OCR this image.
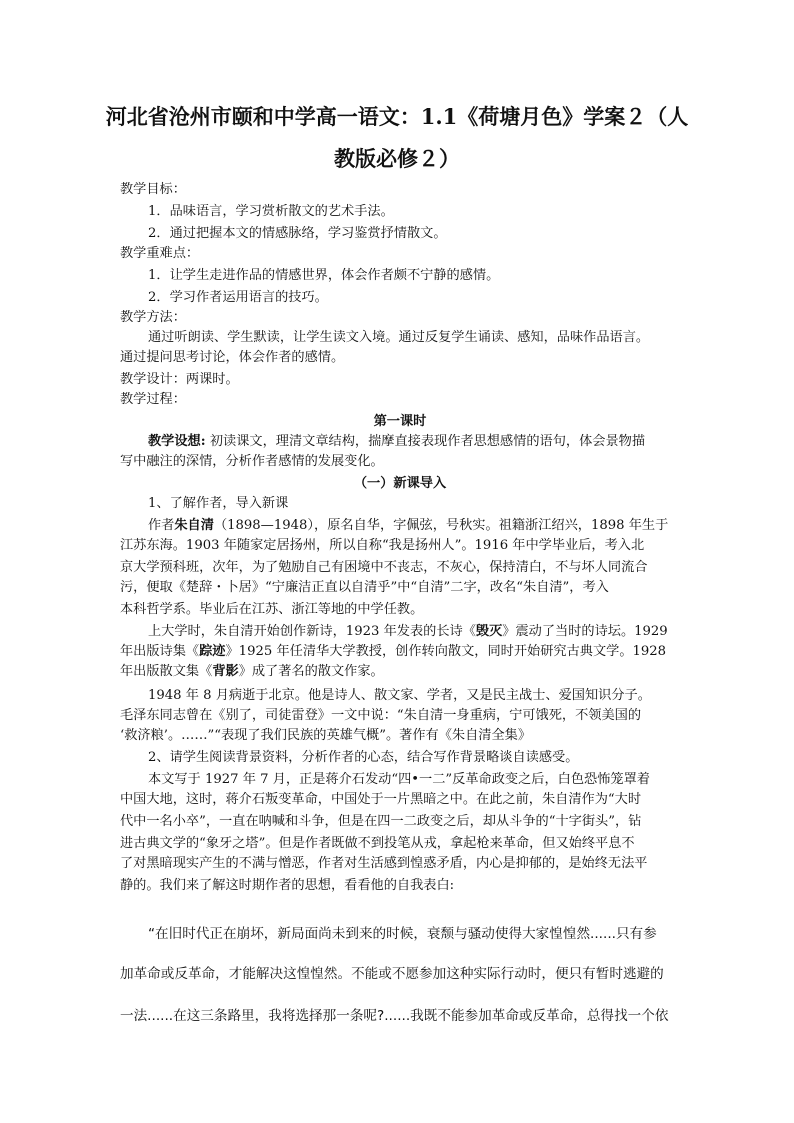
河北省沧州市颐和中学高一语文：1.1《荷塘月色》学案２（人
教版必修２）
教学目标：
1．品味语言，学习赏析散文的艺术手法。
2．通过把握本文的情感脉络，学习鉴赏抒情散文。
教学重难点：
1．让学生走进作品的情感世界，体会作者颇不宁静的感情。
2．学习作者运用语言的技巧。
教学方法：
通过听朗读、学生默读，让学生读文入境。通过反复学生诵读、感知，品味作品语言。
通过提问思考讨论，体会作者的感情。
教学设计：两课时。
教学过程：
第一课时
教学设想: 初读课文，理清文章结构，揣摩直接表现作者思想感情的语句，体会景物描
写中融注的深情，分析作者感情的发展变化。
（一）新课导入
1、了解作者，导入新课
作者朱自清（1898—1948），原名自华，字佩弦，号秋实。祖籍浙江绍兴，1898 年生于
江苏东海。1903 年随家定居扬州，所以自称“我是扬州人”。1916 年中学毕业后，考入北
京大学预科班，次年，为了勉励自己有困境中不丧志，不灰心，保持清白，不与坏人同流合
污，便取《楚辞・卜居》“宁廉洁正直以自清乎”中“自清”二字，改名“朱自清”，考入
本科哲学系。毕业后在江苏、浙江等地的中学任教。
上大学时，朱自清开始创作新诗，1923 年发表的长诗《毁灭》震动了当时的诗坛。1929
年出版诗集《踪迹》1925 年任清华大学教授，创作转向散文，同时开始研究古典文学。1928
年出版散文集《背影》成了著名的散文作家。
1948 年 8 月病逝于北京。他是诗人、散文家、学者，又是民主战士、爱国知识分子。
毛泽东同志曾在《别了，司徒雷登》一文中说：“朱自清一身重病，宁可饿死，不领美国的
‘救济粮’。……”“表现了我们民族的英雄气概”。著作有《朱自清全集》
2、请学生阅读背景资料，分析作者的心态，结合写作背景略谈自读感受。
本文写于 1927 年 7 月，正是蒋介石发动“四•一二”反革命政变之后，白色恐怖笼罩着
中国大地，这时，蒋介石叛变革命，中国处于一片黑暗之中。在此之前，朱自清作为“大时
代中一名小卒”，一直在呐喊和斗争，但是在四一二政变之后，却从斗争的“十字街头”，钻
进古典文学的“象牙之塔”。但是作者既做不到投笔从戎，拿起枪来革命，但又始终平息不
了对黑暗现实产生的不满与憎恶，作者对生活感到惶惑矛盾，内心是抑郁的，是始终无法平
静的。我们来了解这时期作者的思想，看看他的自我表白:
“在旧时代正在崩坏，新局面尚未到来的时候，衰颓与骚动使得大家惶惶然......只有参
加革命或反革命，才能解决这惶惶然。不能或不愿参加这种实际行动时，便只有暂时逃避的
一法......在这三条路里，我将选择那一条呢?......我既不能参加革命或反革命，总得找一个依
